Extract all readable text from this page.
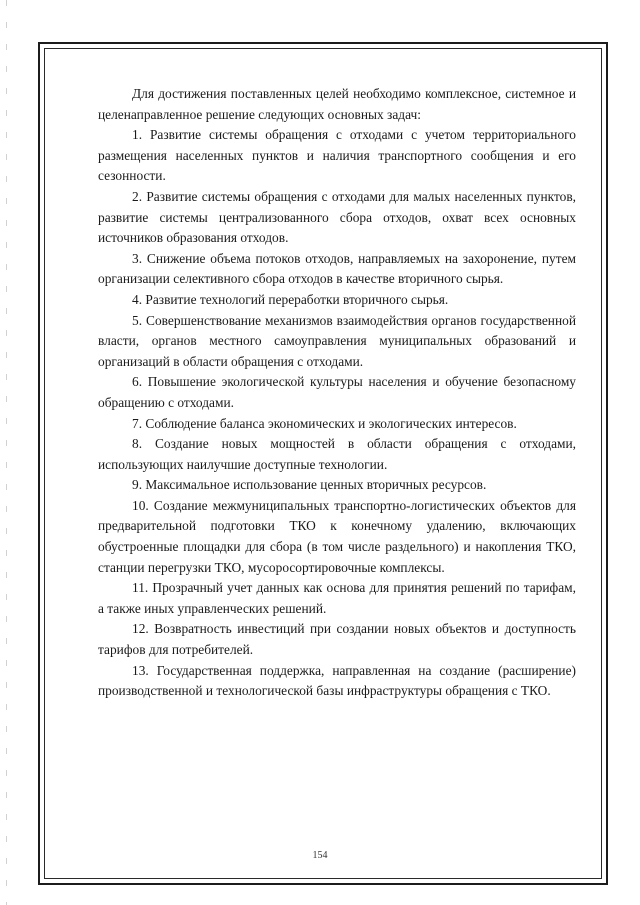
Для достижения поставленных целей необходимо комплексное, системное и целенаправленное решение следующих основных задач:

1. Развитие системы обращения с отходами с учетом территориального размещения населенных пунктов и наличия транспортного сообщения и его сезонности.

2. Развитие системы обращения с отходами для малых населенных пунктов, развитие системы централизованного сбора отходов, охват всех основных источников образования отходов.

3. Снижение объема потоков отходов, направляемых на захоронение, путем организации селективного сбора отходов в качестве вторичного сырья.

4. Развитие технологий переработки вторичного сырья.

5. Совершенствование механизмов взаимодействия органов государственной власти, органов местного самоуправления муниципальных образований и организаций в области обращения с отходами.

6. Повышение экологической культуры населения и обучение безопасному обращению с отходами.

7. Соблюдение баланса экономических и экологических интересов.

8. Создание новых мощностей в области обращения с отходами, использующих наилучшие доступные технологии.

9. Максимальное использование ценных вторичных ресурсов.

10. Создание межмуниципальных транспортно-логистических объектов для предварительной подготовки ТКО к конечному удалению, включающих обустроенные площадки для сбора (в том числе раздельного) и накопления ТКО, станции перегрузки ТКО, мусоросортировочные комплексы.

11. Прозрачный учет данных как основа для принятия решений по тарифам, а также иных управленческих решений.

12. Возвратность инвестиций при создании новых объектов и доступность тарифов для потребителей.

13. Государственная поддержка, направленная на создание (расширение) производственной и технологической базы инфраструктуры обращения с ТКО.

154
